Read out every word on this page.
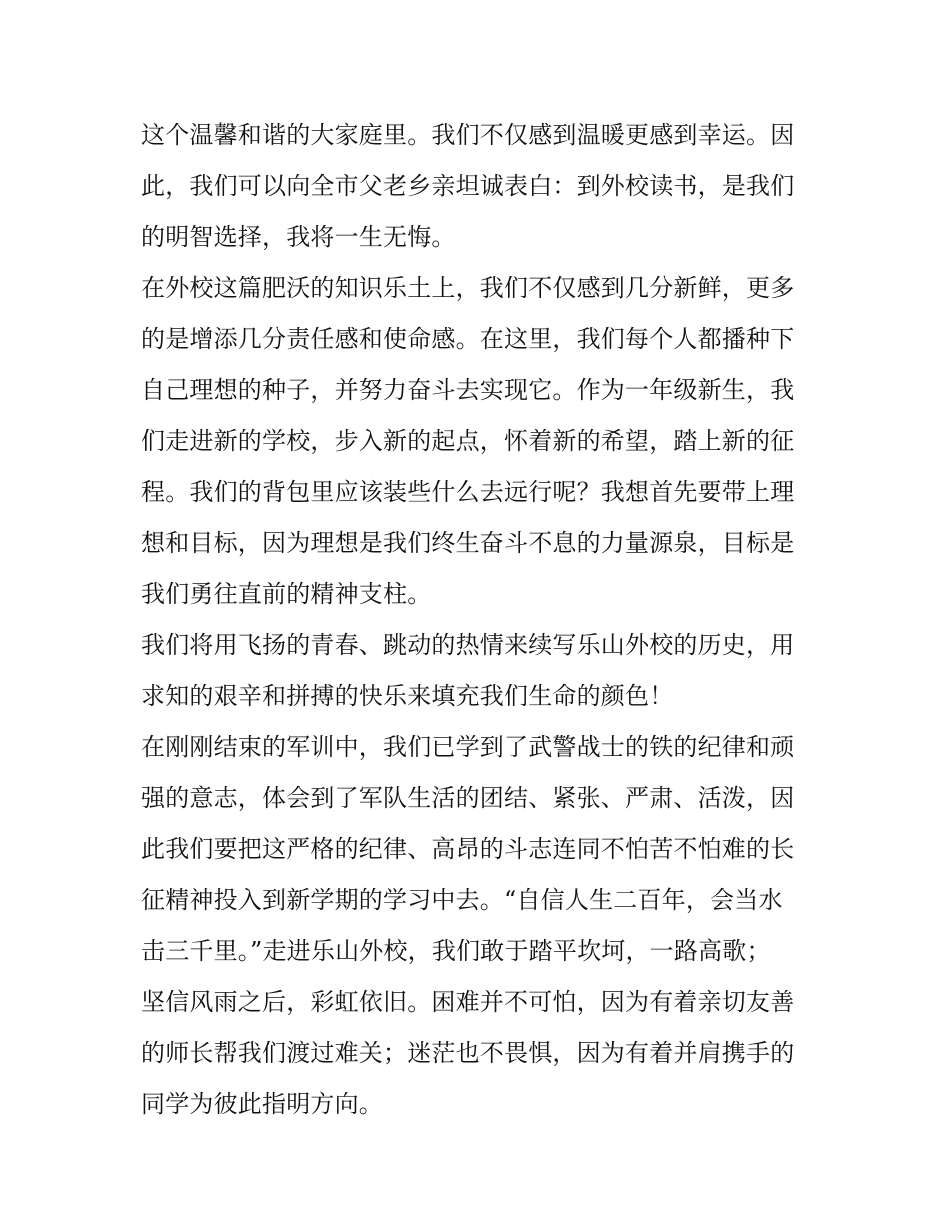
这个温馨和谐的大家庭里。我们不仅感到温暖更感到幸运。因
此，我们可以向全市父老乡亲坦诚表白：到外校读书，是我们
的明智选择，我将一生无悔。
在外校这篇肥沃的知识乐土上，我们不仅感到几分新鲜，更多
的是增添几分责任感和使命感。在这里，我们每个人都播种下
自己理想的种子，并努力奋斗去实现它。作为一年级新生，我
们走进新的学校，步入新的起点，怀着新的希望，踏上新的征
程。我们的背包里应该装些什么去远行呢？我想首先要带上理
想和目标，因为理想是我们终生奋斗不息的力量源泉，目标是
我们勇往直前的精神支柱。
我们将用飞扬的青春、跳动的热情来续写乐山外校的历史，用
求知的艰辛和拼搏的快乐来填充我们生命的颜色！
在刚刚结束的军训中，我们已学到了武警战士的铁的纪律和顽
强的意志，体会到了军队生活的团结、紧张、严肃、活泼，因
此我们要把这严格的纪律、高昂的斗志连同不怕苦不怕难的长
征精神投入到新学期的学习中去。“自信人生二百年，会当水
击三千里。”走进乐山外校，我们敢于踏平坎坷，一路高歌；
坚信风雨之后，彩虹依旧。困难并不可怕，因为有着亲切友善
的师长帮我们渡过难关；迷茫也不畏惧，因为有着并肩携手的
同学为彼此指明方向。
